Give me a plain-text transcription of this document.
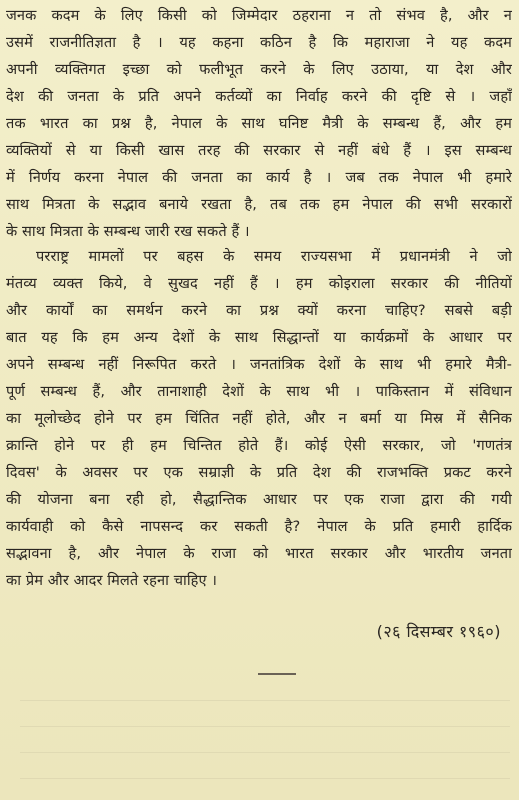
जनक कदम के लिए किसी को जिम्मेदार ठहराना न तो संभव है, और न
उसमें राजनीतिज्ञता है । यह कहना कठिन है कि महाराजा ने यह कदम
अपनी व्यक्तिगत इच्छा को फलीभूत करने के लिए उठाया, या देश और
देश की जनता के प्रति अपने कर्तव्यों का निर्वाह करने की दृष्टि से । जहाँ
तक भारत का प्रश्न है, नेपाल के साथ घनिष्ट मैत्री के सम्बन्ध हैं, और हम
व्यक्तियों से या किसी खास तरह की सरकार से नहीं बंधे हैं । इस सम्बन्ध
में निर्णय करना नेपाल की जनता का कार्य है । जब तक नेपाल भी हमारे
साथ मित्रता के सद्भाव बनाये रखता है, तब तक हम नेपाल की सभी सरकारों
के साथ मित्रता के सम्बन्ध जारी रख सकते हैं ।
परराष्ट्र मामलों पर बहस के समय राज्यसभा में प्रधानमंत्री ने जो
मंतव्य व्यक्त किये, वे सुखद नहीं हैं । हम कोइराला सरकार की नीतियों
और कार्यों का समर्थन करने का प्रश्न क्यों करना चाहिए? सबसे बड़ी
बात यह कि हम अन्य देशों के साथ सिद्धान्तों या कार्यक्रमों के आधार पर
अपने सम्बन्ध नहीं निरूपित करते । जनतांत्रिक देशों के साथ भी हमारे मैत्री-
पूर्ण सम्बन्ध हैं, और तानाशाही देशों के साथ भी । पाकिस्तान में संविधान
का मूलोच्छेद होने पर हम चिंतित नहीं होते, और न बर्मा या मिस्र में सैनिक
क्रान्ति होने पर ही हम चिन्तित होते हैं। कोई ऐसी सरकार, जो 'गणतंत्र
दिवस' के अवसर पर एक सम्राज्ञी के प्रति देश की राजभक्ति प्रकट करने
की योजना बना रही हो, सैद्धान्तिक आधार पर एक राजा द्वारा की गयी
कार्यवाही को कैसे नापसन्द कर सकती है? नेपाल के प्रति हमारी हार्दिक
सद्भावना है, और नेपाल के राजा को भारत सरकार और भारतीय जनता
का प्रेम और आदर मिलते रहना चाहिए ।
(२६ दिसम्बर १९६०)
